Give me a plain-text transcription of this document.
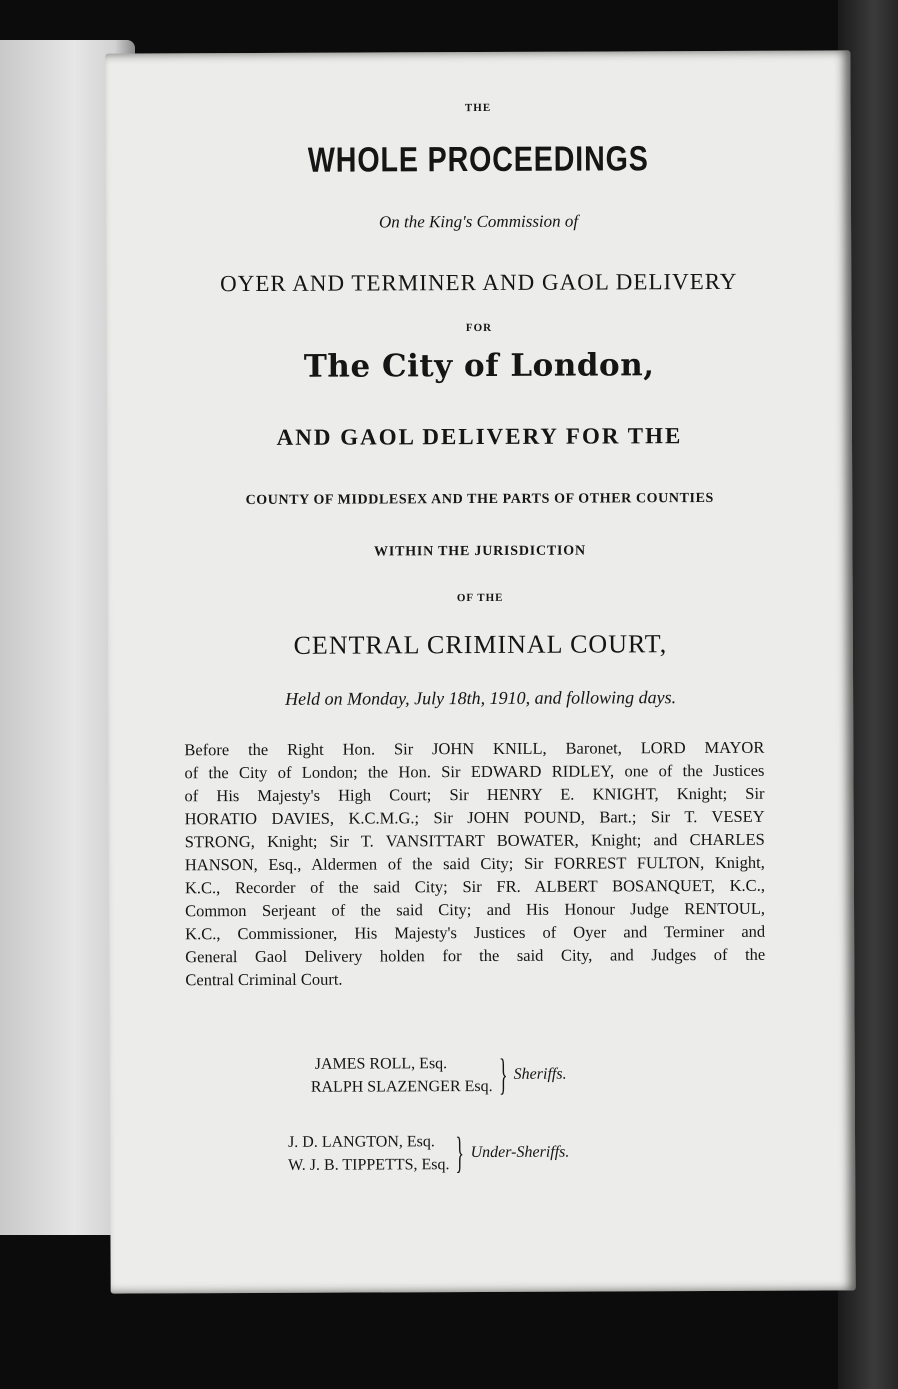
THE
WHOLE PROCEEDINGS
On the King's Commission of
OYER AND TERMINER AND GAOL DELIVERY
FOR
The City of London,
AND GAOL DELIVERY FOR THE
COUNTY OF MIDDLESEX AND THE PARTS OF OTHER COUNTIES
WITHIN THE JURISDICTION
OF THE
CENTRAL CRIMINAL COURT,
Held on Monday, July 18th, 1910, and following days.
Before the Right Hon. Sir JOHN KNILL, Baronet, LORD MAYOR
of the City of London; the Hon. Sir EDWARD RIDLEY, one of the Justices
of His Majesty's High Court; Sir HENRY E. KNIGHT, Knight; Sir
HORATIO DAVIES, K.C.M.G.; Sir JOHN POUND, Bart.; Sir T. VESEY
STRONG, Knight; Sir T. VANSITTART BOWATER, Knight; and CHARLES
HANSON, Esq., Aldermen of the said City; Sir FORREST FULTON, Knight,
K.C., Recorder of the said City; Sir FR. ALBERT BOSANQUET, K.C.,
Common Serjeant of the said City; and His Honour Judge RENTOUL,
K.C., Commissioner, His Majesty's Justices of Oyer and Terminer and
General Gaol Delivery holden for the said City, and Judges of the
Central Criminal Court.
JAMES ROLL, Esq.
RALPH SLAZENGER Esq. } Sheriffs.
J. D. LANGTON, Esq.
W. J. B. TIPPETTS, Esq. } Under-Sheriffs.
